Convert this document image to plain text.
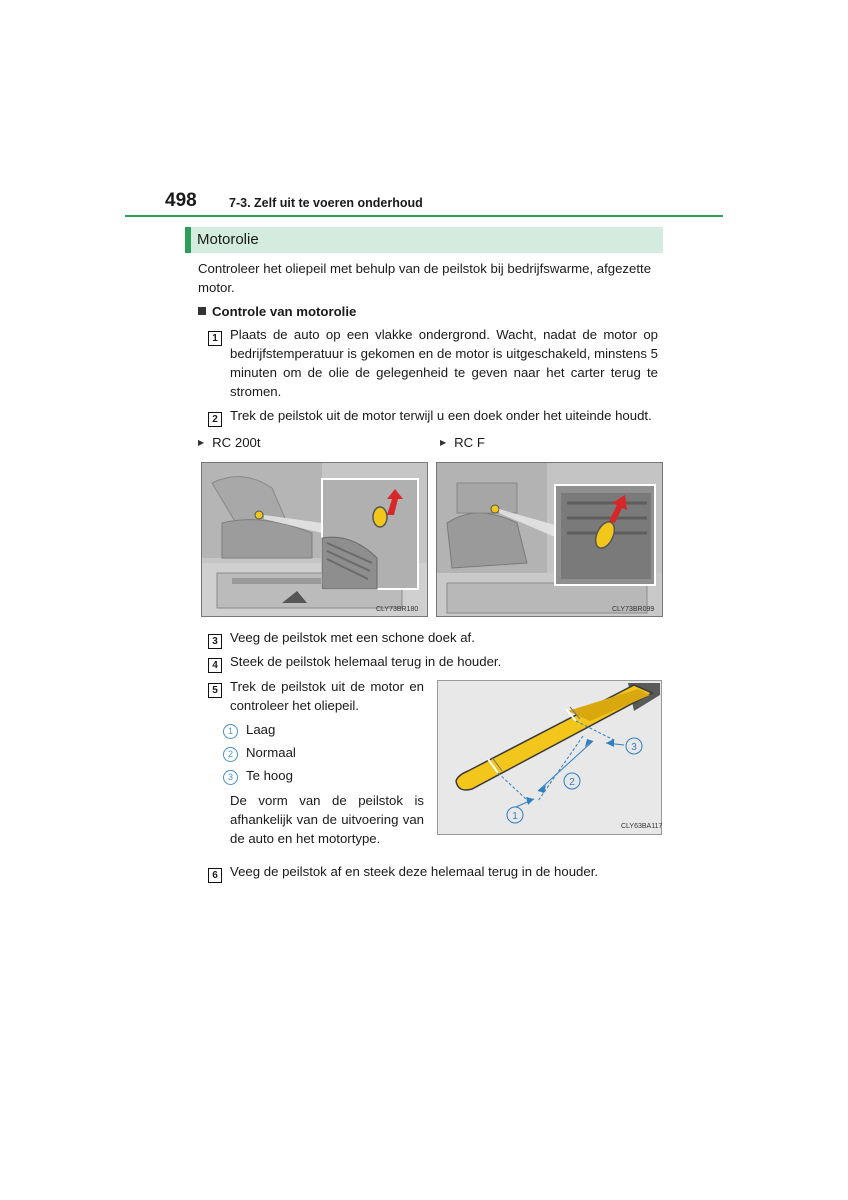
498	7-3. Zelf uit te voeren onderhoud
Motorolie
Controleer het oliepeil met behulp van de peilstok bij bedrijfswarme, afgezette motor.
Controle van motorolie
1 Plaats de auto op een vlakke ondergrond. Wacht, nadat de motor op bedrijfstemperatuur is gekomen en de motor is uitgeschakeld, minstens 5 minuten om de olie de gelegenheid te geven naar het carter terug te stromen.
2 Trek de peilstok uit de motor terwijl u een doek onder het uiteinde houdt.
▶ RC 200t	▶ RC F
CLY73BR180	CLY73BR099
3 Veeg de peilstok met een schone doek af.
4 Steek de peilstok helemaal terug in de houder.
5 Trek de peilstok uit de motor en controleer het oliepeil.
1 Laag
2 Normaal
3 Te hoog
De vorm van de peilstok is afhankelijk van de uitvoering van de auto en het motortype.
3
2
1
CLY63BA117
6 Veeg de peilstok af en steek deze helemaal terug in de houder.
